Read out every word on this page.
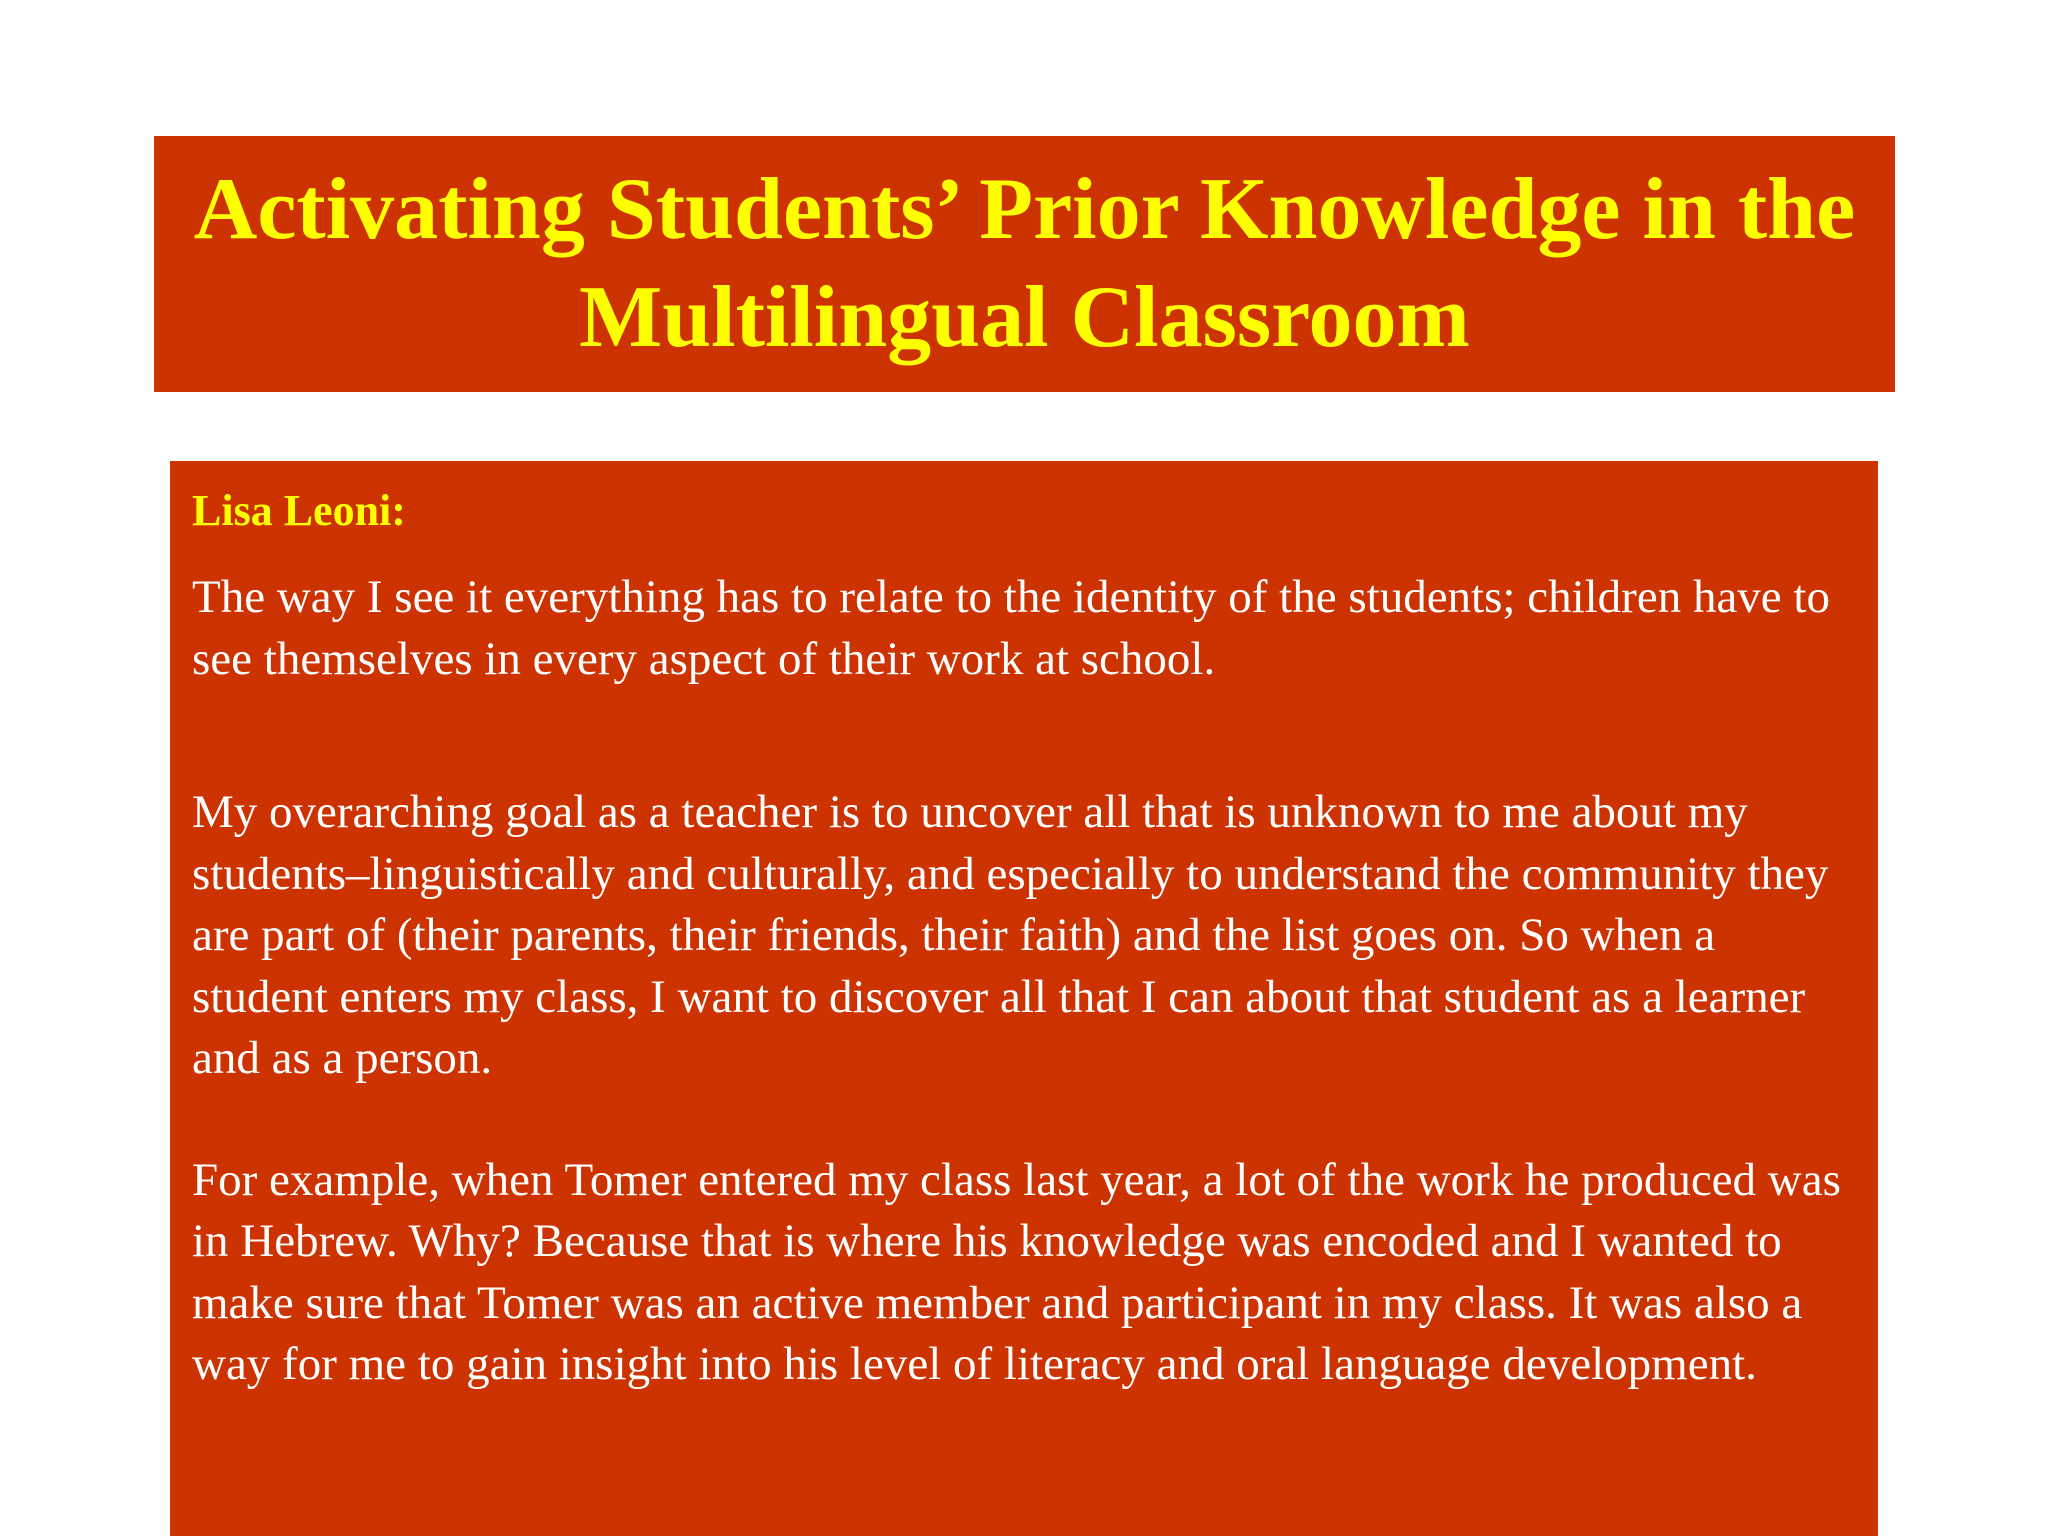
Activating Students’ Prior Knowledge in the Multilingual Classroom

Lisa Leoni:

The way I see it everything has to relate to the identity of the students; children have to see themselves in every aspect of their work at school.

My overarching goal as a teacher is to uncover all that is unknown to me about my students–linguistically and culturally, and especially to understand the community they are part of (their parents, their friends, their faith) and the list goes on. So when a student enters my class, I want to discover all that I can about that student as a learner and as a person.

For example, when Tomer entered my class last year, a lot of the work he produced was in Hebrew. Why? Because that is where his knowledge was encoded and I wanted to make sure that Tomer was an active member and participant in my class. It was also a way for me to gain insight into his level of literacy and oral language development.
